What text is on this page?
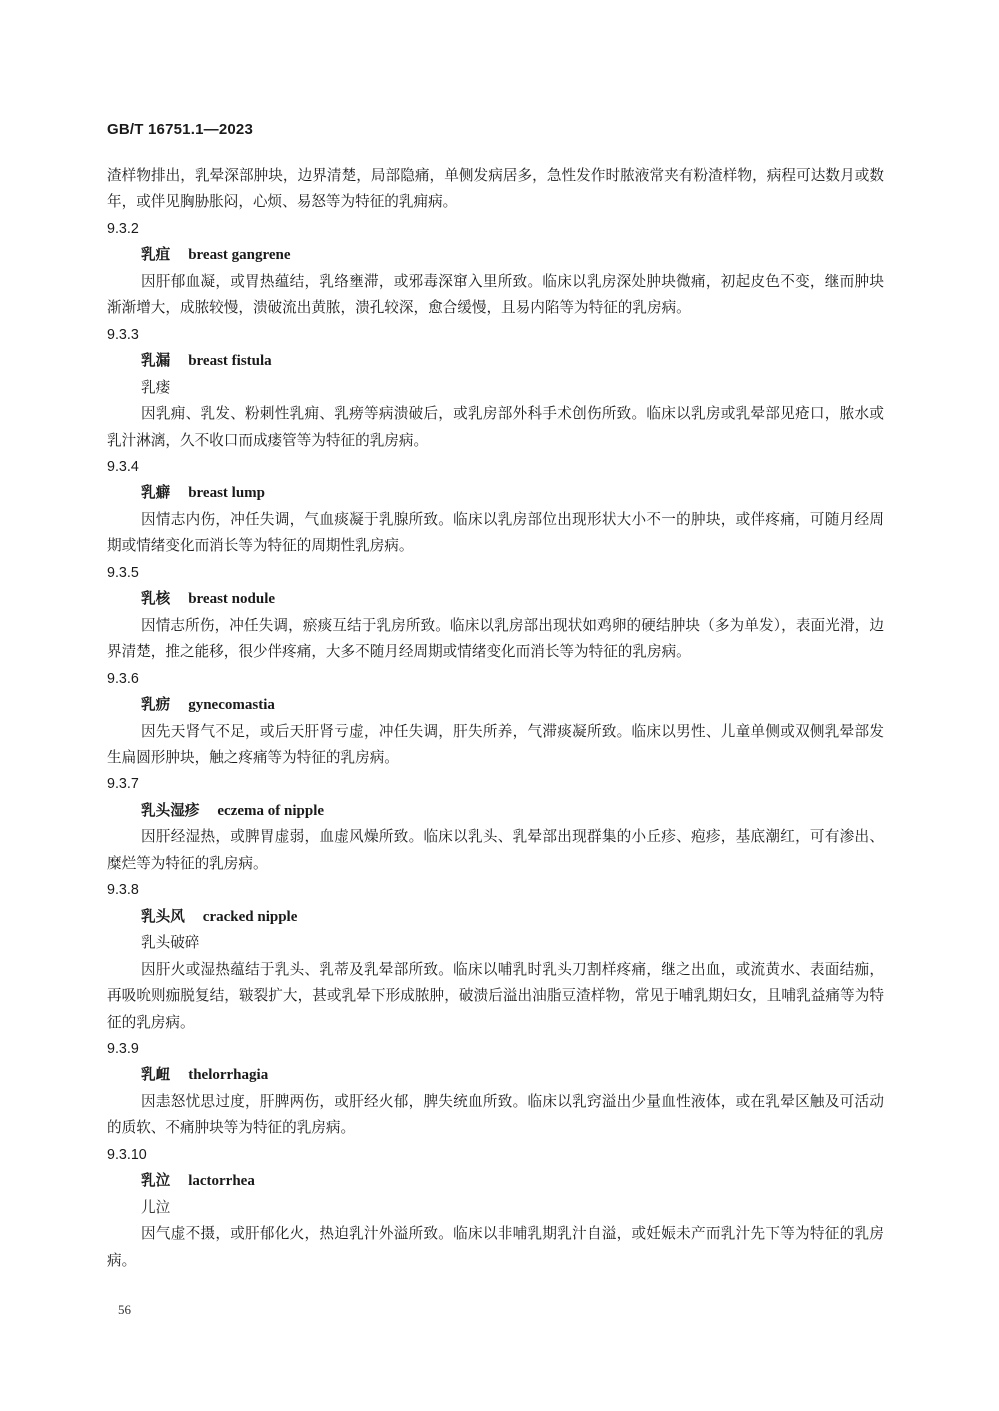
GB/T 16751.1—2023

渣样物排出，乳晕深部肿块，边界清楚，局部隐痛，单侧发病居多，急性发作时脓液常夹有粉渣样物，病程可达数月或数年，或伴见胸胁胀闷，心烦、易怒等为特征的乳痈病。

9.3.2

乳疽 breast gangrene

因肝郁血凝，或胃热蕴结，乳络壅滞，或邪毒深窜入里所致。临床以乳房深处肿块微痛，初起皮色不变，继而肿块渐渐增大，成脓较慢，溃破流出黄脓，溃孔较深，愈合缓慢，且易内陷等为特征的乳房病。

9.3.3

乳漏 breast fistula

乳瘘

因乳痈、乳发、粉刺性乳痈、乳痨等病溃破后，或乳房部外科手术创伤所致。临床以乳房或乳晕部见疮口，脓水或乳汁淋漓，久不收口而成瘘管等为特征的乳房病。

9.3.4

乳癖 breast lump

因情志内伤，冲任失调，气血痰凝于乳腺所致。临床以乳房部位出现形状大小不一的肿块，或伴疼痛，可随月经周期或情绪变化而消长等为特征的周期性乳房病。

9.3.5

乳核 breast nodule

因情志所伤，冲任失调，瘀痰互结于乳房所致。临床以乳房部出现状如鸡卵的硬结肿块（多为单发），表面光滑，边界清楚，推之能移，很少伴疼痛，大多不随月经周期或情绪变化而消长等为特征的乳房病。

9.3.6

乳疬 gynecomastia

因先天肾气不足，或后天肝肾亏虚，冲任失调，肝失所养，气滞痰凝所致。临床以男性、儿童单侧或双侧乳晕部发生扁圆形肿块，触之疼痛等为特征的乳房病。

9.3.7

乳头湿疹 eczema of nipple

因肝经湿热，或脾胃虚弱，血虚风燥所致。临床以乳头、乳晕部出现群集的小丘疹、疱疹，基底潮红，可有渗出、糜烂等为特征的乳房病。

9.3.8

乳头风 cracked nipple

乳头破碎

因肝火或湿热蕴结于乳头、乳蒂及乳晕部所致。临床以哺乳时乳头刀割样疼痛，继之出血，或流黄水、表面结痂，再吸吮则痂脱复结，皲裂扩大，甚或乳晕下形成脓肿，破溃后溢出油脂豆渣样物，常见于哺乳期妇女，且哺乳益痛等为特征的乳房病。

9.3.9

乳衄 thelorrhagia

因恚怒忧思过度，肝脾两伤，或肝经火郁，脾失统血所致。临床以乳窍溢出少量血性液体，或在乳晕区触及可活动的质软、不痛肿块等为特征的乳房病。

9.3.10

乳泣 lactorrhea

儿泣

因气虚不摄，或肝郁化火，热迫乳汁外溢所致。临床以非哺乳期乳汁自溢，或妊娠未产而乳汁先下等为特征的乳房病。

56
